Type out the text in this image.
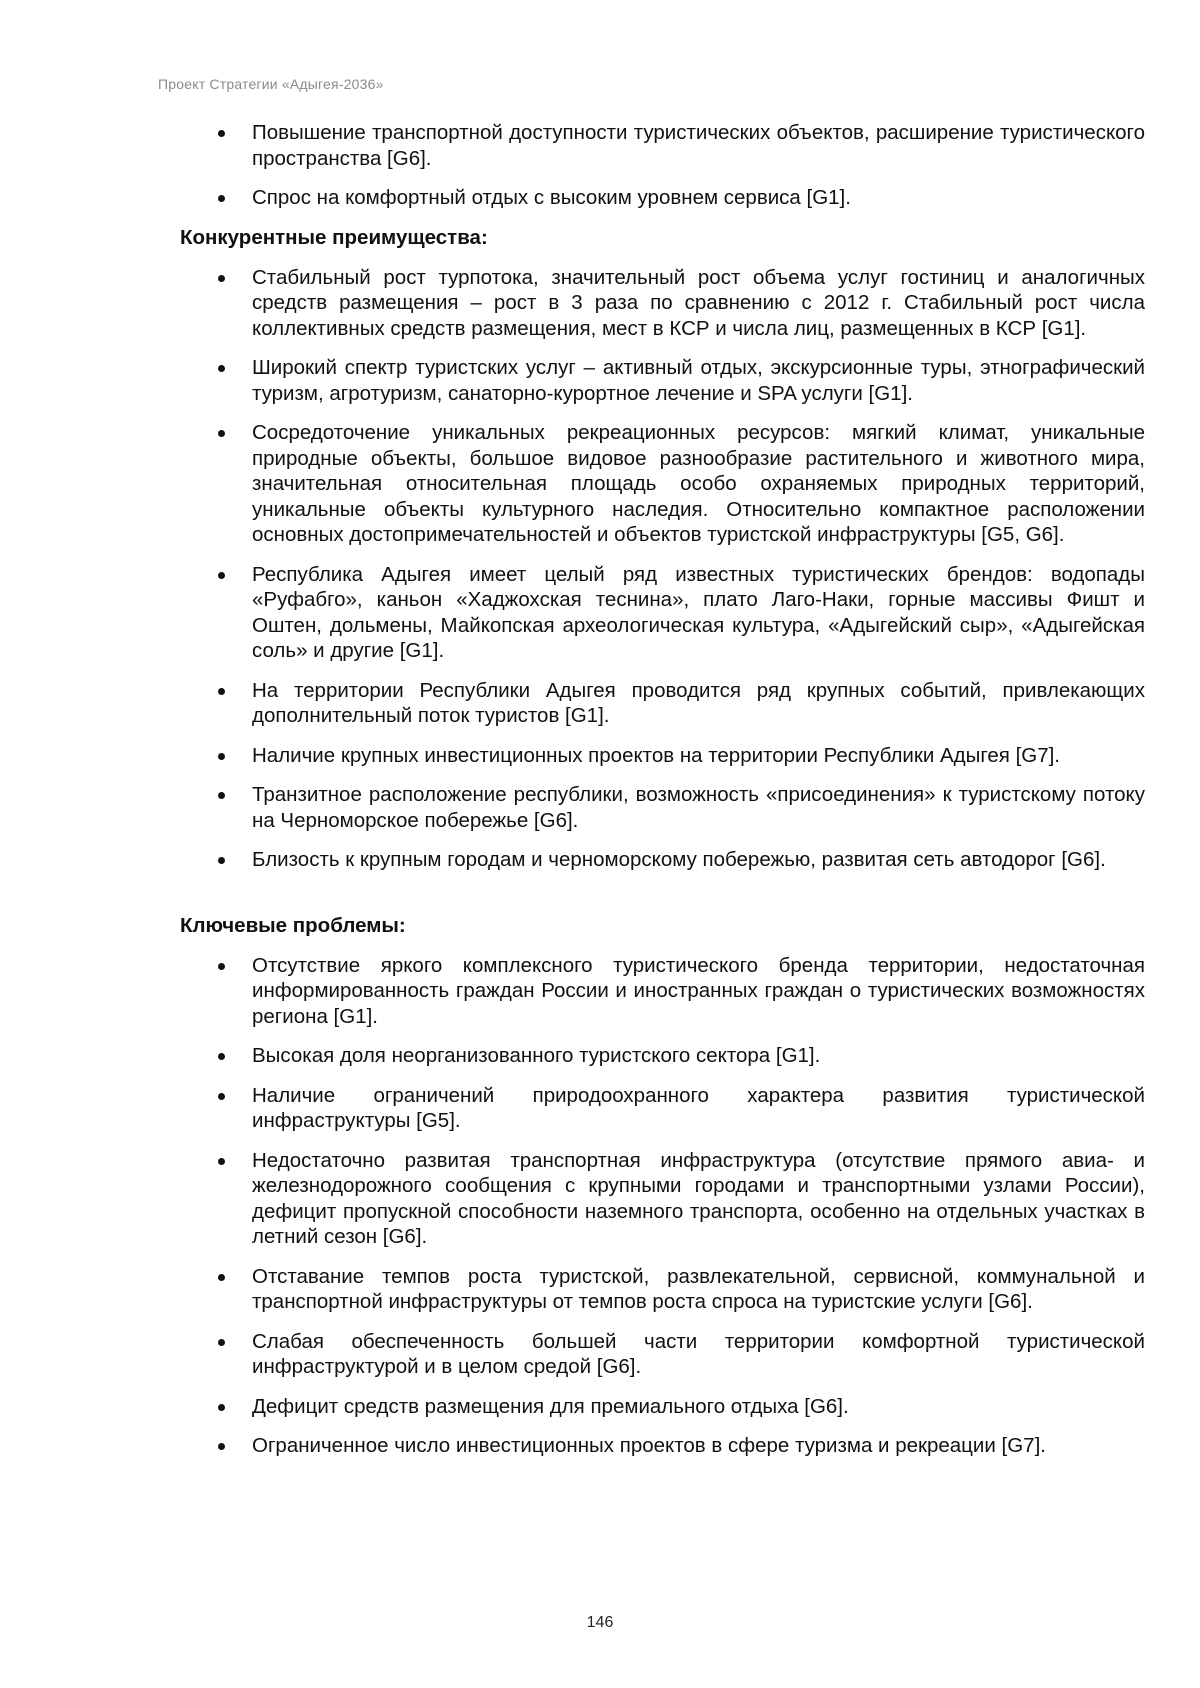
Проект Стратегии «Адыгея-2036»
Повышение транспортной доступности туристических объектов, расширение туристического пространства [G6].
Спрос на комфортный отдых с высоким уровнем сервиса [G1].
Конкурентные преимущества:
Стабильный рост турпотока, значительный рост объема услуг гостиниц и аналогичных средств размещения – рост в 3 раза по сравнению с 2012 г. Стабильный рост числа коллективных средств размещения, мест в КСР и числа лиц, размещенных в КСР [G1].
Широкий спектр туристских услуг – активный отдых, экскурсионные туры, этнографический туризм, агротуризм, санаторно-курортное лечение и SPA услуги [G1].
Сосредоточение уникальных рекреационных ресурсов: мягкий климат, уникальные природные объекты, большое видовое разнообразие растительного и животного мира, значительная относительная площадь особо охраняемых природных территорий, уникальные объекты культурного наследия. Относительно компактное расположении основных достопримечательностей и объектов туристской инфраструктуры [G5, G6].
Республика Адыгея имеет целый ряд известных туристических брендов: водопады «Руфабго», каньон «Хаджохская теснина», плато Лаго-Наки, горные массивы Фишт и Оштен, дольмены, Майкопская археологическая культура, «Адыгейский сыр», «Адыгейская соль» и другие [G1].
На территории Республики Адыгея проводится ряд крупных событий, привлекающих дополнительный поток туристов [G1].
Наличие крупных инвестиционных проектов на территории Республики Адыгея [G7].
Транзитное расположение республики, возможность «присоединения» к туристскому потоку на Черноморское побережье [G6].
Близость к крупным городам и черноморскому побережью, развитая сеть автодорог [G6].
Ключевые проблемы:
Отсутствие яркого комплексного туристического бренда территории, недостаточная информированность граждан России и иностранных граждан о туристических возможностях региона [G1].
Высокая доля неорганизованного туристского сектора [G1].
Наличие ограничений природоохранного характера развития туристической инфраструктуры [G5].
Недостаточно развитая транспортная инфраструктура (отсутствие прямого авиа- и железнодорожного сообщения с крупными городами и транспортными узлами России), дефицит пропускной способности наземного транспорта, особенно на отдельных участках в летний сезон [G6].
Отставание темпов роста туристской, развлекательной, сервисной, коммунальной и транспортной инфраструктуры от темпов роста спроса на туристские услуги [G6].
Слабая обеспеченность большей части территории комфортной туристической инфраструктурой и в целом средой [G6].
Дефицит средств размещения для премиального отдыха [G6].
Ограниченное число инвестиционных проектов в сфере туризма и рекреации [G7].
146
